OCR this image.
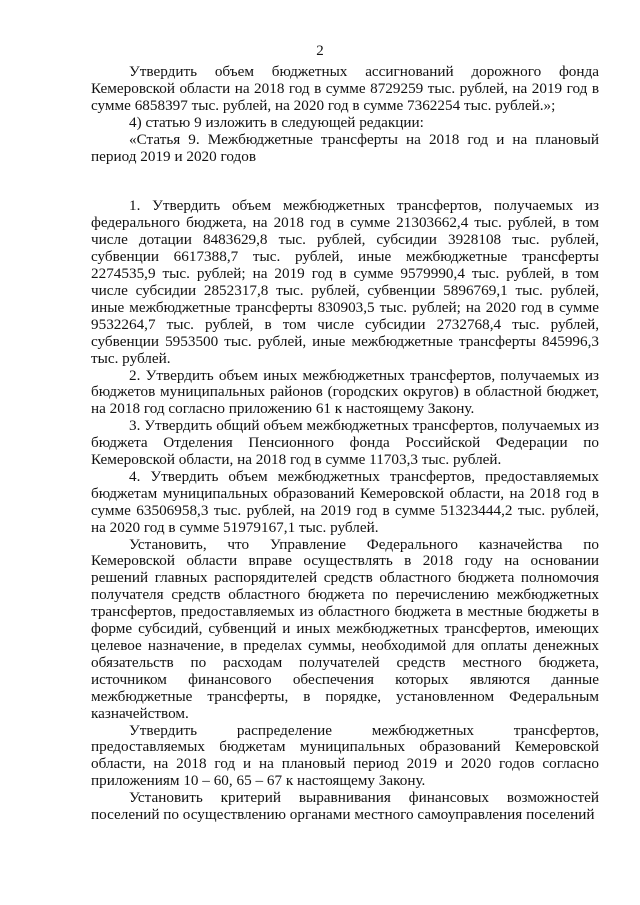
2

Утвердить объем бюджетных ассигнований дорожного фонда Кемеровской области на 2018 год в сумме 8729259 тыс. рублей, на 2019 год в сумме 6858397 тыс. рублей, на 2020 год в сумме 7362254 тыс. рублей.»;

4) статью 9 изложить в следующей редакции:

«Статья 9. Межбюджетные трансферты на 2018 год и на плановый период 2019 и 2020 годов

1. Утвердить объем межбюджетных трансфертов, получаемых из федерального бюджета, на 2018 год в сумме 21303662,4 тыс. рублей, в том числе дотации 8483629,8 тыс. рублей, субсидии 3928108 тыс. рублей, субвенции 6617388,7 тыс. рублей, иные межбюджетные трансферты 2274535,9 тыс. рублей; на 2019 год в сумме 9579990,4 тыс. рублей, в том числе субсидии 2852317,8 тыс. рублей, субвенции 5896769,1 тыс. рублей, иные межбюджетные трансферты 830903,5 тыс. рублей; на 2020 год в сумме 9532264,7 тыс. рублей, в том числе субсидии 2732768,4 тыс. рублей, субвенции 5953500 тыс. рублей, иные межбюджетные трансферты 845996,3 тыс. рублей.

2. Утвердить объем иных межбюджетных трансфертов, получаемых из бюджетов муниципальных районов (городских округов) в областной бюджет, на 2018 год согласно приложению 61 к настоящему Закону.

3. Утвердить общий объем межбюджетных трансфертов, получаемых из бюджета Отделения Пенсионного фонда Российской Федерации по Кемеровской области, на 2018 год в сумме 11703,3 тыс. рублей.

4. Утвердить объем межбюджетных трансфертов, предоставляемых бюджетам муниципальных образований Кемеровской области, на 2018 год в сумме 63506958,3 тыс. рублей, на 2019 год в сумме 51323444,2 тыс. рублей, на 2020 год в сумме 51979167,1 тыс. рублей.

Установить, что Управление Федерального казначейства по Кемеровской области вправе осуществлять в 2018 году на основании решений главных распорядителей средств областного бюджета полномочия получателя средств областного бюджета по перечислению межбюджетных трансфертов, предоставляемых из областного бюджета в местные бюджеты в форме субсидий, субвенций и иных межбюджетных трансфертов, имеющих целевое назначение, в пределах суммы, необходимой для оплаты денежных обязательств по расходам получателей средств местного бюджета, источником финансового обеспечения которых являются данные межбюджетные трансферты, в порядке, установленном Федеральным казначейством.

Утвердить распределение межбюджетных трансфертов, предоставляемых бюджетам муниципальных образований Кемеровской области, на 2018 год и на плановый период 2019 и 2020 годов согласно приложениям 10 – 60, 65 – 67 к настоящему Закону.

Установить критерий выравнивания финансовых возможностей поселений по осуществлению органами местного самоуправления поселений
